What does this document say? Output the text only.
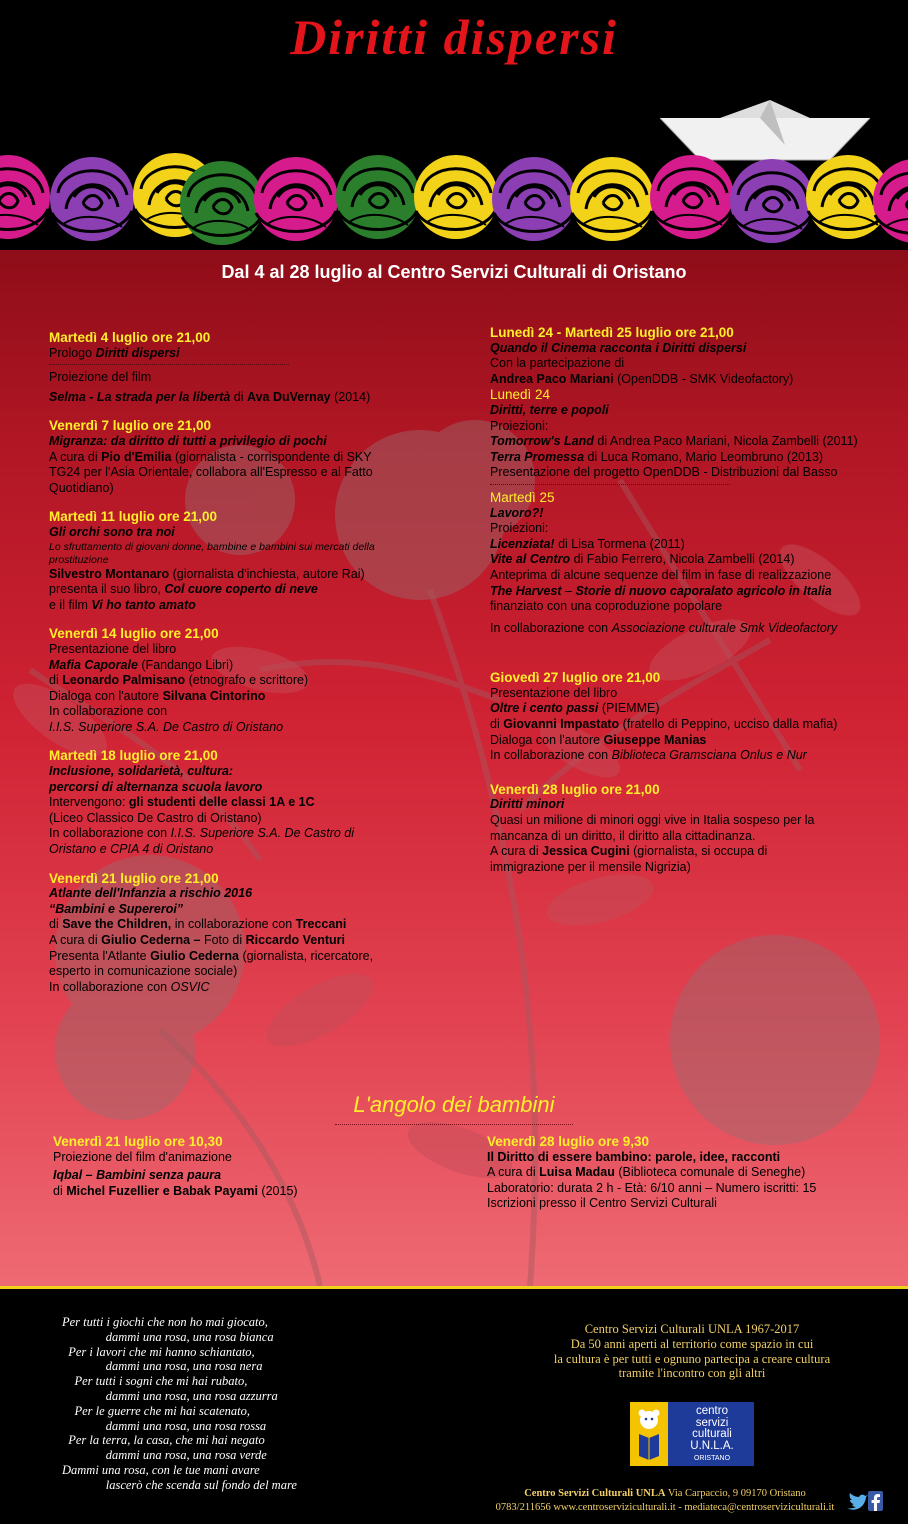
Diritti dispersi
Dal 4 al 28 luglio al Centro Servizi Culturali di Oristano
Martedì 4 luglio ore 21,00
Prologo Diritti dispersi
Proiezione del film
Selma - La strada per la libertà di Ava DuVernay (2014)
Venerdì 7 luglio ore 21,00
Migranza: da diritto di tutti a privilegio di pochi
A cura di Pio d'Emilia (giornalista - corrispondente di SKY
TG24 per l'Asia Orientale, collabora all'Espresso e al Fatto
Quotidiano)
Martedì 11 luglio ore 21,00
Gli orchi sono tra noi
Lo sfruttamento di giovani donne, bambine e bambini sui mercati della
prostituzione
Silvestro Montanaro (giornalista d'inchiesta, autore Rai)
presenta il suo libro, Col cuore coperto di neve
e il film Vi ho tanto amato
Venerdì 14 luglio ore 21,00
Presentazione del libro
Mafia Caporale (Fandango Libri)
di Leonardo Palmisano (etnografo e scrittore)
Dialoga con l'autore Silvana Cintorino
In collaborazione con
I.I.S. Superiore S.A. De Castro di Oristano
Martedì 18 luglio ore 21,00
Inclusione, solidarietà, cultura:
percorsi di alternanza scuola lavoro
Intervengono: gli studenti delle classi 1A e 1C
(Liceo Classico De Castro di Oristano)
In collaborazione con I.I.S. Superiore S.A. De Castro di
Oristano e CPIA 4 di Oristano
Venerdì 21 luglio ore 21,00
Atlante dell'Infanzia a rischio 2016
“Bambini e Supereroi”
di Save the Children, in collaborazione con Treccani
A cura di Giulio Cederna – Foto di Riccardo Venturi
Presenta l'Atlante Giulio Cederna (giornalista, ricercatore,
esperto in comunicazione sociale)
In collaborazione con OSVIC
Lunedì 24 - Martedì 25 luglio ore 21,00
Quando il Cinema racconta i Diritti dispersi
Con la partecipazione di
Andrea Paco Mariani (OpenDDB - SMK Videofactory)
Lunedì 24
Diritti, terre e popoli
Proiezioni:
Tomorrow's Land di Andrea Paco Mariani, Nicola Zambelli (2011)
Terra Promessa di Luca Romano, Mario Leombruno (2013)
Presentazione del progetto OpenDDB - Distribuzioni dal Basso
Martedì 25
Lavoro?!
Proiezioni:
Licenziata! di Lisa Tormena (2011)
Vite al Centro di Fabio Ferrero, Nicola Zambelli (2014)
Anteprima di alcune sequenze del film in fase di realizzazione
The Harvest – Storie di nuovo caporalato agricolo in Italia
finanziato con una coproduzione popolare
In collaborazione con Associazione culturale Smk Videofactory
Giovedì 27 luglio ore 21,00
Presentazione del libro
Oltre i cento passi (PIEMME)
di Giovanni Impastato (fratello di Peppino, ucciso dalla mafia)
Dialoga con l'autore Giuseppe Manias
In collaborazione con Biblioteca Gramsciana Onlus e Nur
Venerdì 28 luglio ore 21,00
Diritti minori
Quasi un milione di minori oggi vive in Italia sospeso per la
mancanza di un diritto, il diritto alla cittadinanza.
A cura di Jessica Cugini (giornalista, si occupa di
immigrazione per il mensile Nigrizia)
L'angolo dei bambini
Venerdì 21 luglio ore 10,30
Proiezione del film d'animazione
Iqbal – Bambini senza paura
di Michel Fuzellier e Babak Payami (2015)
Venerdì 28 luglio ore 9,30
Il Diritto di essere bambino: parole, idee, racconti
A cura di Luisa Madau (Biblioteca comunale di Seneghe)
Laboratorio: durata 2 h - Età: 6/10 anni – Numero iscritti: 15
Iscrizioni presso il Centro Servizi Culturali
Per tutti i giochi che non ho mai giocato,
dammi una rosa, una rosa bianca
Per i lavori che mi hanno schiantato,
dammi una rosa, una rosa nera
Per tutti i sogni che mi hai rubato,
dammi una rosa, una rosa azzurra
Per le guerre che mi hai scatenato,
dammi una rosa, una rosa rossa
Per la terra, la casa, che mi hai negato
dammi una rosa, una rosa verde
Dammi una rosa, con le tue mani avare
lascerò che scenda sul fondo del mare
Centro Servizi Culturali UNLA 1967-2017
Da 50 anni aperti al territorio come spazio in cui
la cultura è per tutti e ognuno partecipa a creare cultura
tramite l'incontro con gli altri
centro
servizi
culturali
U.N.L.A.
ORISTANO
Centro Servizi Culturali UNLA Via Carpaccio, 9 09170 Oristano
0783/211656 www.centroserviziculturali.it - mediateca@centroserviziculturali.it
